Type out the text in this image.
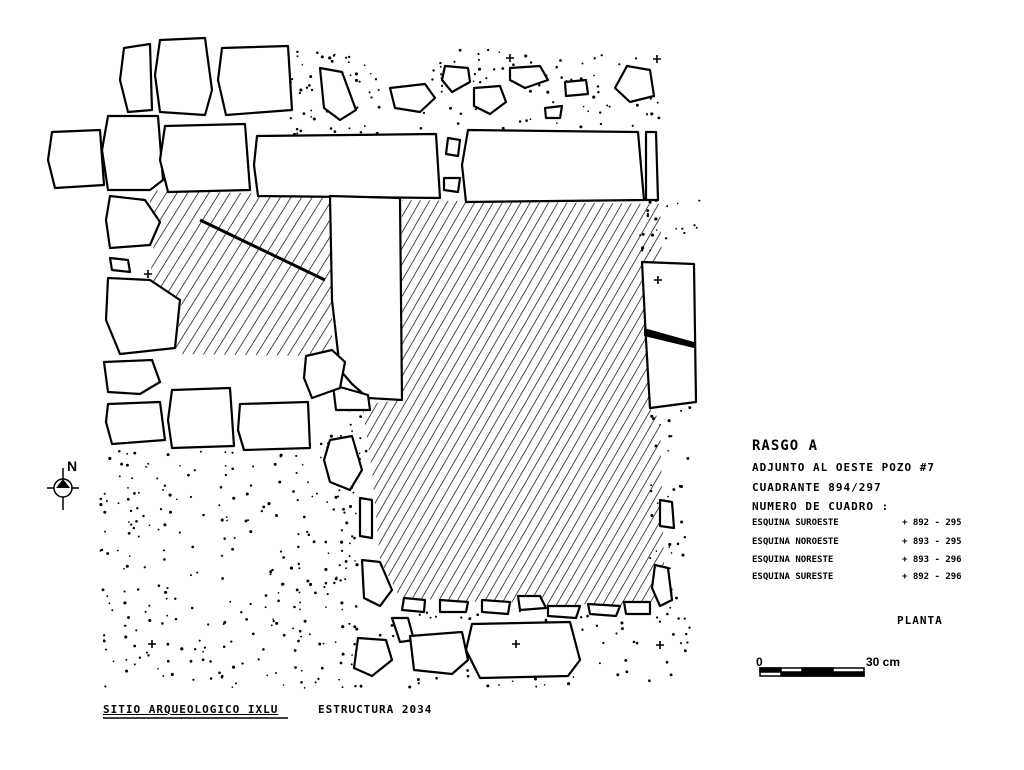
N
RASGO A
ADJUNTO AL OESTE POZO #7
CUADRANTE 894/297
NUMERO DE CUADRO :
ESQUINA SUROESTE	+ 892 - 295
ESQUINA NOROESTE	+ 893 - 295
ESQUINA NORESTE	+ 893 - 296
ESQUINA SURESTE	+ 892 - 296
PLANTA
0	30 cm
SITIO ARQUEOLOGICO IXLU	ESTRUCTURA 2034
